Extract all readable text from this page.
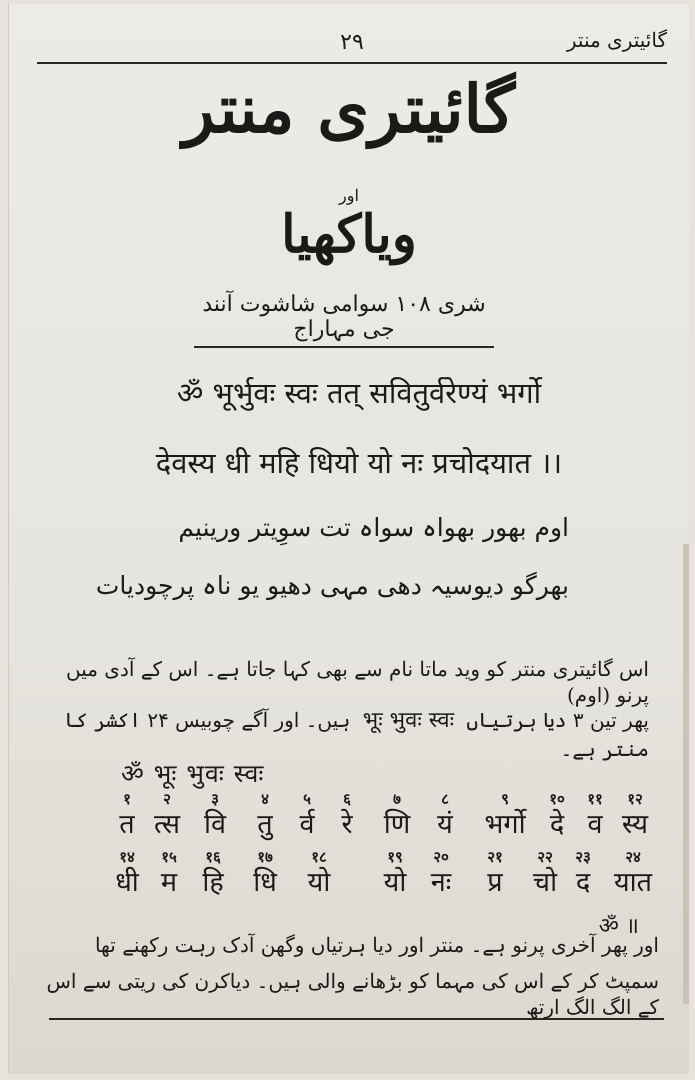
۲۹	گائیتری منتر
گائیتری منتر
اور
ویاکھیا
شری ۱۰۸ سوامی شاشوت آنند جی مہاراج
ॐ भूर्भुवः स्वः तत् सवितुर्वरेण्यं भर्गो
देवस्य धी महि धियो यो नः प्रचोदयात ।।
اوم بھور بھواہ سواہ تت سوِیتر ورینیم
بھرگو دیوسیہ دھی مہی دھیو یو ناہ پرچودیات
اس گائیتری منتر کو وید ماتا نام سے بھی کہا جاتا ہے۔ اس کے آدی میں پرنو (اوم)
پھر تین ۳ دیا ہرتیاں भूः भुवः स्वः ہیں۔ اور آگے چوبیس ۲۴ اکشر کا منتر ہے۔
ॐ भूः भुवः स्वः
१
त
२
त्स
३
वि
४
तु
५
र्व
६
रे
७
णि
८
यं
९
भर्गो
१०
दे
११
व
१२
स्य
१४
धी
१५
म
१६
हि
१७
धि
१८
यो
१९
यो
२०
नः
२१
प्र
२२
चो
२३
द
२४
यात
ॐ ॥
اور پھر آخری پرنو ہے۔ منتر اور دیا ہرتیاں وگھن آدک رہت رکھنے تھا
سمپٹ کر کے اس کی مہما کو بڑھانے والی ہیں۔ دیاکرن کی ریتی سے اس کے الگ الگ ارتھ
